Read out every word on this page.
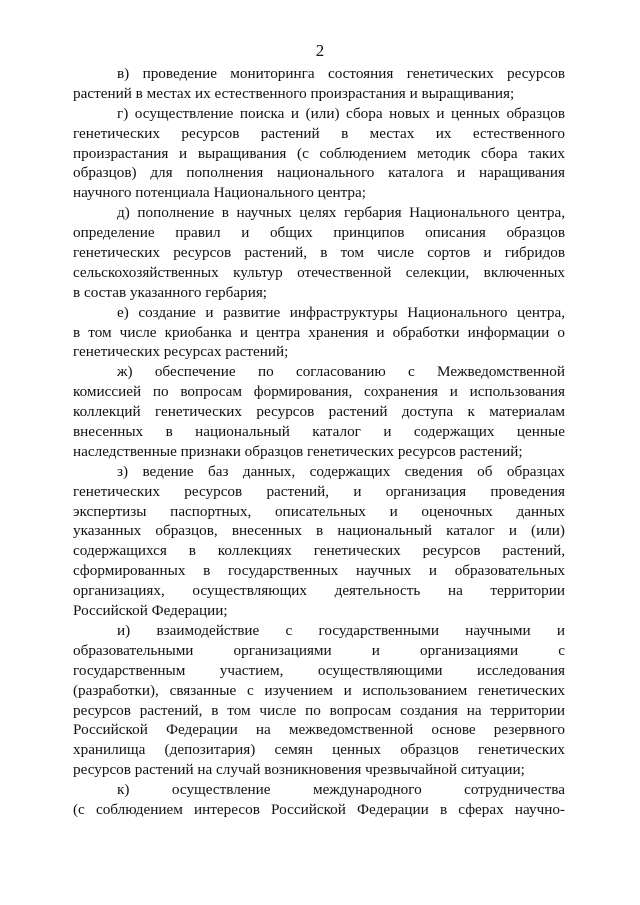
2
в) проведение мониторинга состояния генетических ресурсов
растений в местах их естественного произрастания и выращивания;
г) осуществление поиска и (или) сбора новых и ценных образцов
генетических ресурсов растений в местах их естественного
произрастания и выращивания (с соблюдением методик сбора таких
образцов) для пополнения национального каталога и наращивания
научного потенциала Национального центра;
д) пополнение в научных целях гербария Национального центра,
определение правил и общих принципов описания образцов
генетических ресурсов растений, в том числе сортов и гибридов
сельскохозяйственных культур отечественной селекции, включенных
в состав указанного гербария;
е) создание и развитие инфраструктуры Национального центра,
в том числе криобанка и центра хранения и обработки информации о
генетических ресурсах растений;
ж) обеспечение по согласованию с Межведомственной
комиссией по вопросам формирования, сохранения и использования
коллекций генетических ресурсов растений доступа к материалам
внесенных в национальный каталог и содержащих ценные
наследственные признаки образцов генетических ресурсов растений;
з) ведение баз данных, содержащих сведения об образцах
генетических ресурсов растений, и организация проведения
экспертизы паспортных, описательных и оценочных данных
указанных образцов, внесенных в национальный каталог и (или)
содержащихся в коллекциях генетических ресурсов растений,
сформированных в государственных научных и образовательных
организациях, осуществляющих деятельность на территории
Российской Федерации;
и) взаимодействие с государственными научными и
образовательными организациями и организациями с
государственным участием, осуществляющими исследования
(разработки), связанные с изучением и использованием генетических
ресурсов растений, в том числе по вопросам создания на территории
Российской Федерации на межведомственной основе резервного
хранилища (депозитария) семян ценных образцов генетических
ресурсов растений на случай возникновения чрезвычайной ситуации;
к) осуществление международного сотрудничества
(с соблюдением интересов Российской Федерации в сферах научно-
